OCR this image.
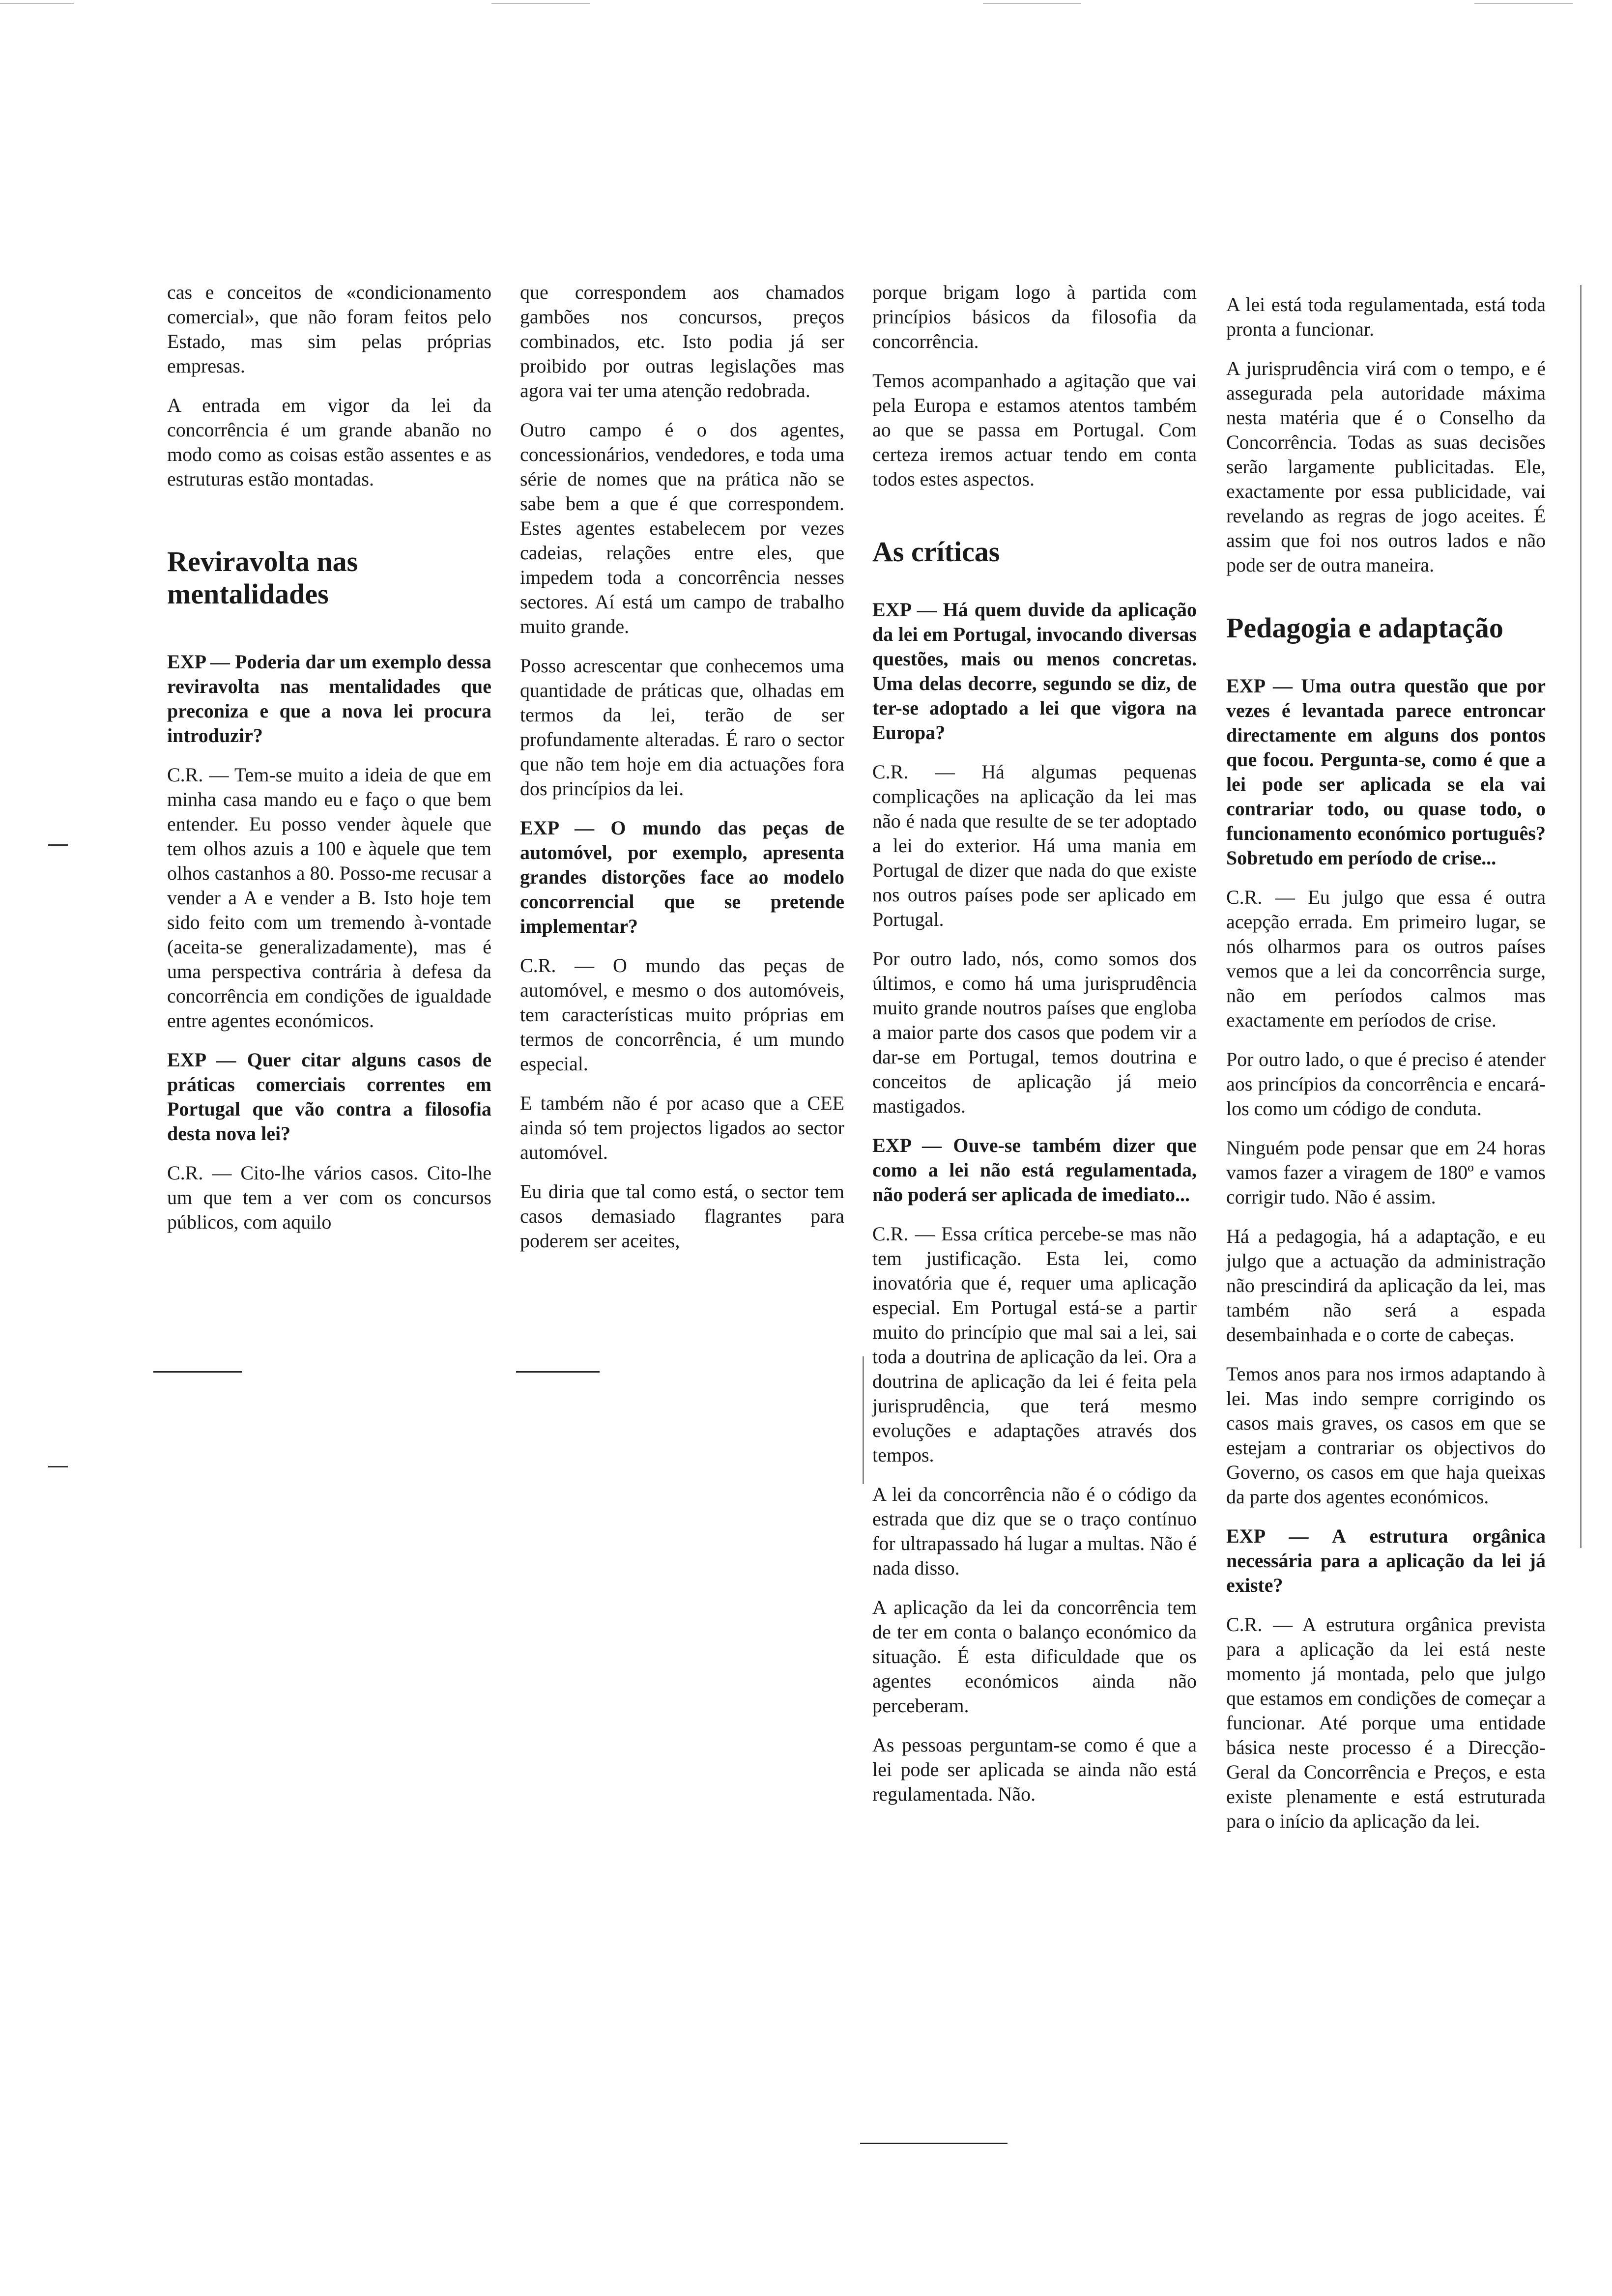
cas e conceitos de «condicionamento comercial», que não foram feitos pelo Estado, mas sim pelas próprias empresas.

A entrada em vigor da lei da concorrência é um grande abanão no modo como as coisas estão assentes e as estruturas estão montadas.

Reviravolta nas mentalidades

EXP — Poderia dar um exemplo dessa reviravolta nas mentalidades que preconiza e que a nova lei procura introduzir?

C.R. — Tem-se muito a ideia de que em minha casa mando eu e faço o que bem entender. Eu posso vender àquele que tem olhos azuis a 100 e àquele que tem olhos castanhos a 80. Posso-me recusar a vender a A e vender a B. Isto hoje tem sido feito com um tremendo à-vontade (aceita-se generalizadamente), mas é uma perspectiva contrária à defesa da concorrência em condições de igualdade entre agentes económicos.

EXP — Quer citar alguns casos de práticas comerciais correntes em Portugal que vão contra a filosofia desta nova lei?

C.R. — Cito-lhe vários casos. Cito-lhe um que tem a ver com os concursos públicos, com aquilo

que correspondem aos chamados gambões nos concursos, preços combinados, etc. Isto podia já ser proibido por outras legislações mas agora vai ter uma atenção redobrada.

Outro campo é o dos agentes, concessionários, vendedores, e toda uma série de nomes que na prática não se sabe bem a que é que correspondem. Estes agentes estabelecem por vezes cadeias, relações entre eles, que impedem toda a concorrência nesses sectores. Aí está um campo de trabalho muito grande.

Posso acrescentar que conhecemos uma quantidade de práticas que, olhadas em termos da lei, terão de ser profundamente alteradas. É raro o sector que não tem hoje em dia actuações fora dos princípios da lei.

EXP — O mundo das peças de automóvel, por exemplo, apresenta grandes distorções face ao modelo concorrencial que se pretende implementar?

C.R. — O mundo das peças de automóvel, e mesmo o dos automóveis, tem características muito próprias em termos de concorrência, é um mundo especial.

E também não é por acaso que a CEE ainda só tem projectos ligados ao sector automóvel.

Eu diria que tal como está, o sector tem casos demasiado flagrantes para poderem ser aceites,

porque brigam logo à partida com princípios básicos da filosofia da concorrência.

Temos acompanhado a agitação que vai pela Europa e estamos atentos também ao que se passa em Portugal. Com certeza iremos actuar tendo em conta todos estes aspectos.

As críticas

EXP — Há quem duvide da aplicação da lei em Portugal, invocando diversas questões, mais ou menos concretas. Uma delas decorre, segundo se diz, de ter-se adoptado a lei que vigora na Europa?

C.R. — Há algumas pequenas complicações na aplicação da lei mas não é nada que resulte de se ter adoptado a lei do exterior. Há uma mania em Portugal de dizer que nada do que existe nos outros países pode ser aplicado em Portugal.

Por outro lado, nós, como somos dos últimos, e como há uma jurisprudência muito grande noutros países que engloba a maior parte dos casos que podem vir a dar-se em Portugal, temos doutrina e conceitos de aplicação já meio mastigados.

EXP — Ouve-se também dizer que como a lei não está regulamentada, não poderá ser aplicada de imediato...

C.R. — Essa crítica percebe-se mas não tem justificação. Esta lei, como inovatória que é, requer uma aplicação especial. Em Portugal está-se a partir muito do princípio que mal sai a lei, sai toda a doutrina de aplicação da lei. Ora a doutrina de aplicação da lei é feita pela jurisprudência, que terá mesmo evoluções e adaptações através dos tempos.

A lei da concorrência não é o código da estrada que diz que se o traço contínuo for ultrapassado há lugar a multas. Não é nada disso.

A aplicação da lei da concorrência tem de ter em conta o balanço económico da situação. É esta dificuldade que os agentes económicos ainda não perceberam.

As pessoas perguntam-se como é que a lei pode ser aplicada se ainda não está regulamentada. Não.

A lei está toda regulamentada, está toda pronta a funcionar.

A jurisprudência virá com o tempo, e é assegurada pela autoridade máxima nesta matéria que é o Conselho da Concorrência. Todas as suas decisões serão largamente publicitadas. Ele, exactamente por essa publicidade, vai revelando as regras de jogo aceites. É assim que foi nos outros lados e não pode ser de outra maneira.

Pedagogia e adaptação

EXP — Uma outra questão que por vezes é levantada parece entroncar directamente em alguns dos pontos que focou. Pergunta-se, como é que a lei pode ser aplicada se ela vai contrariar todo, ou quase todo, o funcionamento económico português? Sobretudo em período de crise...

C.R. — Eu julgo que essa é outra acepção errada. Em primeiro lugar, se nós olharmos para os outros países vemos que a lei da concorrência surge, não em períodos calmos mas exactamente em períodos de crise.

Por outro lado, o que é preciso é atender aos princípios da concorrência e encará-los como um código de conduta.

Ninguém pode pensar que em 24 horas vamos fazer a viragem de 180º e vamos corrigir tudo. Não é assim.

Há a pedagogia, há a adaptação, e eu julgo que a actuação da administração não prescindirá da aplicação da lei, mas também não será a espada desembainhada e o corte de cabeças.

Temos anos para nos irmos adaptando à lei. Mas indo sempre corrigindo os casos mais graves, os casos em que se estejam a contrariar os objectivos do Governo, os casos em que haja queixas da parte dos agentes económicos.

EXP — A estrutura orgânica necessária para a aplicação da lei já existe?

C.R. — A estrutura orgânica prevista para a aplicação da lei está neste momento já montada, pelo que julgo que estamos em condições de começar a funcionar. Até porque uma entidade básica neste processo é a Direcção-Geral da Concorrência e Preços, e esta existe plenamente e está estruturada para o início da aplicação da lei.
